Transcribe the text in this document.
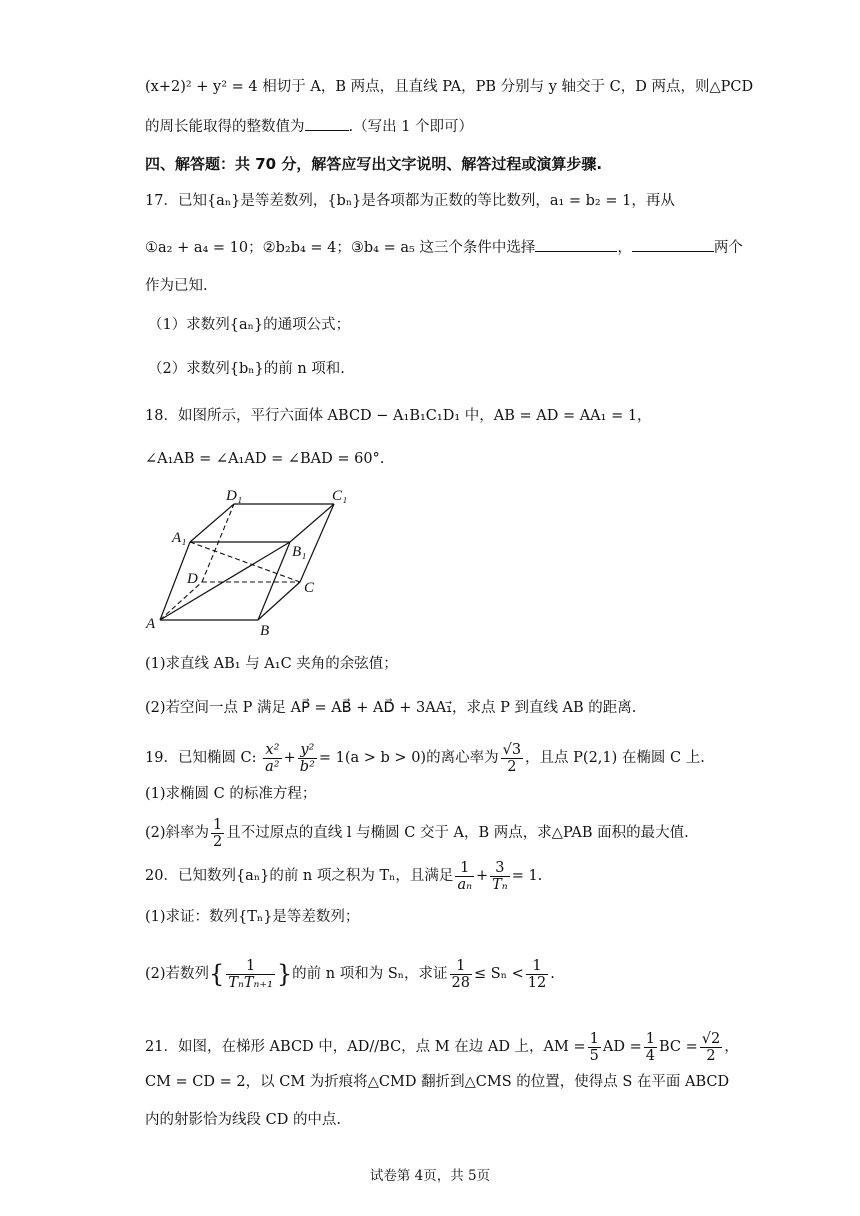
(x+2)² + y² = 4 相切于 A，B 两点，且直线 PA，PB 分别与 y 轴交于 C，D 两点，则△PCD
的周长能取得的整数值为	.（写出 1 个即可）
四、解答题：共 70 分，解答应写出文字说明、解答过程或演算步骤.
17．已知{aₙ}是等差数列，{bₙ}是各项都为正数的等比数列，a₁ = b₂ = 1，再从
①a₂ + a₄ = 10；②b₂b₄ = 4；③b₄ = a₅ 这三个条件中选择	，	两个
作为已知.
（1）求数列{aₙ}的通项公式；
（2）求数列{bₙ}的前 n 项和.
18．如图所示，平行六面体 ABCD − A₁B₁C₁D₁ 中，AB = AD = AA₁ = 1，
∠A₁AB = ∠A₁AD = ∠BAD = 60°.
D₁	C₁
A₁
B₁
D
C
A	B
(1)求直线 AB₁ 与 A₁C 夹角的余弦值；
(2)若空间一点 P 满足 AP⃗ = AB⃗ + AD⃗ + 3AA₁⃗，求点 P 到直线 AB 的距离.
19．已知椭圆 C: $\frac{\text{x²}}{\text{a²}} + \frac{\text{y²}}{\text{b²}} = 1(a > b > 0)$的离心率为 $\frac{√3}{2}$ ，且点 P(2,1) 在椭圆 C 上.
(1)求椭圆 C 的标准方程；
(2)斜率为 $\frac{1}{2}$ 且不过原点的直线 l 与椭圆 C 交于 A，B 两点，求△PAB 面积的最大值.
20．已知数列{aₙ}的前 n 项之积为 Tₙ，且满足 $\frac{1}{\text{aₙ}} + \frac{3}{\text{Tₙ}} = 1$.
(1)求证：数列{Tₙ}是等差数列；
(2)若数列{ $\frac{1}{\text{TₙTₙ₊₁}}$ }的前 n 项和为 Sₙ，求证 $\frac{1}{28} \le S_n < \frac{1}{12}$ .
21．如图，在梯形 ABCD 中，AD//BC，点 M 在边 AD 上，AM = $\frac{1}{5}$ AD = $\frac{1}{4}$ BC = $\frac{√2}{2}$ ，
CM = CD = 2，以 CM 为折痕将△CMD 翻折到△CMS 的位置，使得点 S 在平面 ABCD
内的射影恰为线段 CD 的中点.
试卷第 4页，共 5页
